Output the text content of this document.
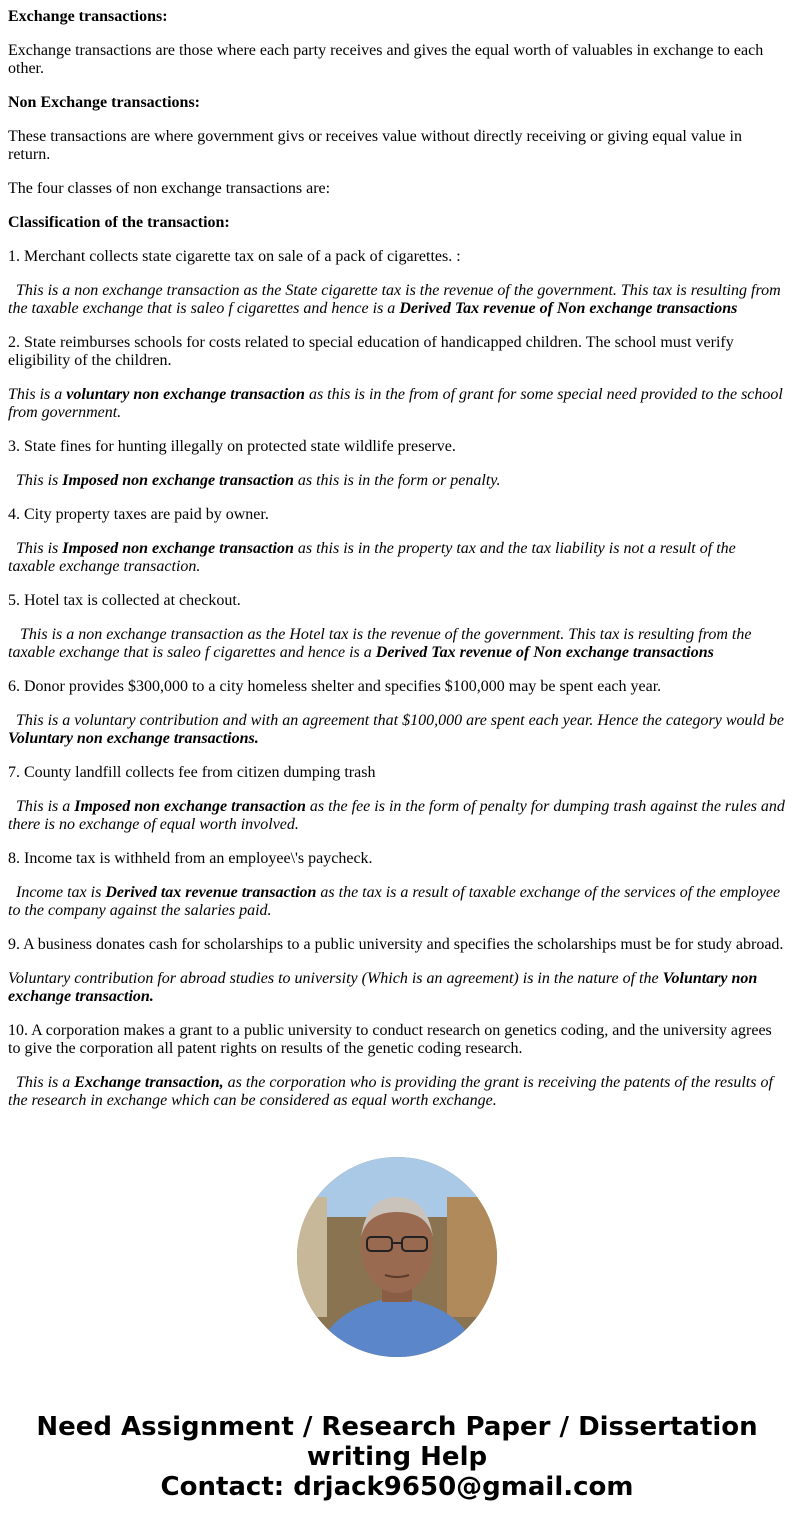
Exchange transactions:

Exchange transactions are those where each party receives and gives the equal worth of valuables in exchange to each other.

Non Exchange transactions:

These transactions are where government givs or receives value without directly receiving or giving equal value in return.

The four classes of non exchange transactions are:

Classification of the transaction:

1. Merchant collects state cigarette tax on sale of a pack of cigarettes. :

This is a non exchange transaction as the State cigarette tax is the revenue of the government. This tax is resulting from the taxable exchange that is saleo f cigarettes and hence is a Derived Tax revenue of Non exchange transactions

2. State reimburses schools for costs related to special education of handicapped children. The school must verify eligibility of the children.

This is a voluntary non exchange transaction as this is in the from of grant for some special need provided to the school from government.

3. State fines for hunting illegally on protected state wildlife preserve.

This is Imposed non exchange transaction as this is in the form or penalty.

4. City property taxes are paid by owner.

This is Imposed non exchange transaction as this is in the property tax and the tax liability is not a result of the taxable exchange transaction.

5. Hotel tax is collected at checkout.

This is a non exchange transaction as the Hotel tax is the revenue of the government. This tax is resulting from the taxable exchange that is saleo f cigarettes and hence is a Derived Tax revenue of Non exchange transactions

6. Donor provides $300,000 to a city homeless shelter and specifies $100,000 may be spent each year.

This is a voluntary contribution and with an agreement that $100,000 are spent each year. Hence the category would be Voluntary non exchange transactions.

7. County landfill collects fee from citizen dumping trash

This is a Imposed non exchange transaction as the fee is in the form of penalty for dumping trash against the rules and there is no exchange of equal worth involved.

8. Income tax is withheld from an employee\'s paycheck.

Income tax is Derived tax revenue transaction as the tax is a result of taxable exchange of the services of the employee to the company against the salaries paid.

9. A business donates cash for scholarships to a public university and specifies the scholarships must be for study abroad.

Voluntary contribution for abroad studies to university (Which is an agreement) is in the nature of the Voluntary non exchange transaction.

10. A corporation makes a grant to a public university to conduct research on genetics coding, and the university agrees to give the corporation all patent rights on results of the genetic coding research.

This is a Exchange transaction, as the corporation who is providing the grant is receiving the patents of the results of the research in exchange which can be considered as equal worth exchange.

Need Assignment / Research Paper / Dissertation writing Help
Contact: drjack9650@gmail.com
